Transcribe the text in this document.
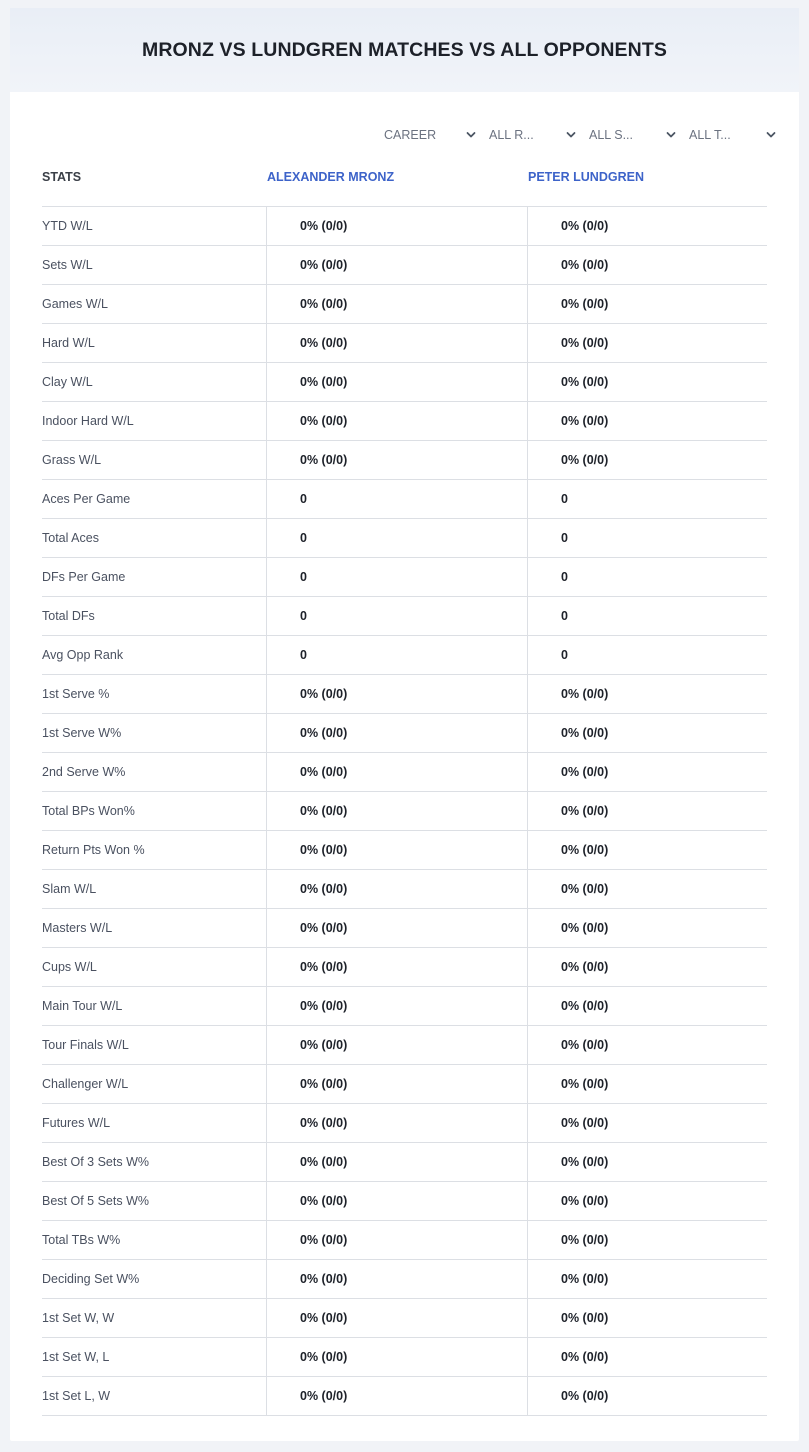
MRONZ VS LUNDGREN MATCHES VS ALL OPPONENTS
CAREER	ALL R...	ALL S...	ALL T...
STATS	ALEXANDER MRONZ	PETER LUNDGREN
YTD W/L	0% (0/0)	0% (0/0)
Sets W/L	0% (0/0)	0% (0/0)
Games W/L	0% (0/0)	0% (0/0)
Hard W/L	0% (0/0)	0% (0/0)
Clay W/L	0% (0/0)	0% (0/0)
Indoor Hard W/L	0% (0/0)	0% (0/0)
Grass W/L	0% (0/0)	0% (0/0)
Aces Per Game	0	0
Total Aces	0	0
DFs Per Game	0	0
Total DFs	0	0
Avg Opp Rank	0	0
1st Serve %	0% (0/0)	0% (0/0)
1st Serve W%	0% (0/0)	0% (0/0)
2nd Serve W%	0% (0/0)	0% (0/0)
Total BPs Won%	0% (0/0)	0% (0/0)
Return Pts Won %	0% (0/0)	0% (0/0)
Slam W/L	0% (0/0)	0% (0/0)
Masters W/L	0% (0/0)	0% (0/0)
Cups W/L	0% (0/0)	0% (0/0)
Main Tour W/L	0% (0/0)	0% (0/0)
Tour Finals W/L	0% (0/0)	0% (0/0)
Challenger W/L	0% (0/0)	0% (0/0)
Futures W/L	0% (0/0)	0% (0/0)
Best Of 3 Sets W%	0% (0/0)	0% (0/0)
Best Of 5 Sets W%	0% (0/0)	0% (0/0)
Total TBs W%	0% (0/0)	0% (0/0)
Deciding Set W%	0% (0/0)	0% (0/0)
1st Set W, W	0% (0/0)	0% (0/0)
1st Set W, L	0% (0/0)	0% (0/0)
1st Set L, W	0% (0/0)	0% (0/0)
